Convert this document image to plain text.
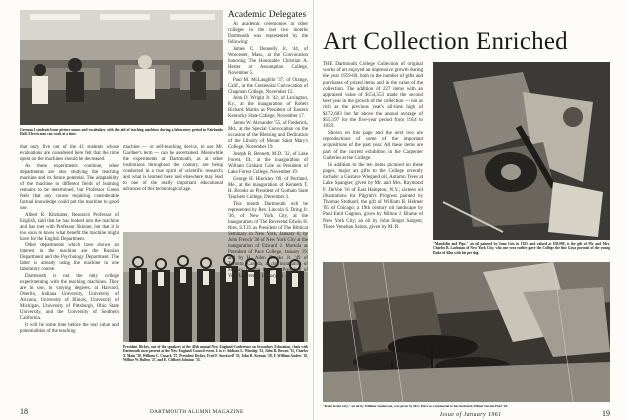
German I students learn picture nouns and vocabulary with the aid of teaching machines during a laboratory period in Fairbanks Hall. Eleven men can work at a time.

that only five out of the 41 students whose evaluations are considered here felt that the time spent on the machines should be decreased.

As these experiments continue, other departments are also studying the teaching machine and its future potential. The adaptability of the machine to different fields of learning remains to be determined, but Professor Green feels that any course requiring considerable factual knowledge could put the machine to good use.

Albert R. Kitzhaber, Research Professor of English, said that he has looked into the machine and has met with Professor Skinner, but that it is too soon to know what benefit the machine might have for the English Department.

Other departments which have shown an interest in the machine are the Russian Department and the Psychology Department. The latter is already using the machine in one laboratory course.

Dartmouth is not the only college experimenting with the teaching machines. They are in use, in varying degrees, at Harvard, Oberlin, Indiana University, University of Arizona, University of Illinois, University of Michigan, University of Pittsburgh, Ohio State University, and the University of Southern California.

It will be some time before the real value and potentialities of the teaching

machine — or self-teaching device, to use Mr. Gardner's term — can be ascertained. Meanwhile the experiments at Dartmouth, as at other institutions throughout the country, are being conducted in a true spirit of scientific research; and what is learned here and elsewhere may lead to one of the really important educational advances of this technological age.

President Dickey, one of the speakers at the 40th annual New England Conference on Secondary Education, chats with Dartmouth men present at the New England Council event. L to r: Addison L. Winship '32, John R. Bowen '35, Charles T. Main '38, William C. Cusack '27, President Dickey, Fred F. Stockwell '33, John R. Keenan '28, F. William Andres '19, Wilbur W. Bullen '27, and E. Clifford Johnson '35.
Academic Delegates

At academic ceremonies at other colleges in the last two months Dartmouth was represented by the following:

James C. Donnelly Jr. '44, of Worcester, Mass., at the Convocation honoring The Honorable Christian A. Herter at Assumption College, November 5.

Paul M. McLaughlin '37, of Orange, Calif., at the Centennial Convocation of Chapman College, November 15.

John D. Wright Jr. '42, of Lexington, Ky., at the inauguration of Robert Richard Martin as President of Eastern Kentucky State College, November 17.

James W. Alexander '55, of Frederick, Md., at the Special Convocation on the occasion of the Blessing and Dedication of the Library of Mount Saint Mary's College, November 19.

Joseph R. Bennett, M.D. '32, of Lake Forest, Ill., at the inauguration of William Graham Cole as President of Lake Forest College, November 19.

George H. Hinckley '09, of Portland, Me., at the inauguration of Kenneth T. H. Brooks as President of Gorham State Teachers College, December 3.

This month Dartmouth will be represented by Rev. Lincoln S. Dring Jr. '36, of New York City, at the inauguration of The Reverend Edwin H. Ries, S.T.D. as President of The Biblical Seminary in New York, January 8; by John French '36 of New York City at the inauguration of Edward J. Mortola as President of Pace College, January 19; and by H. Allen Brooks Jr. '49 of Toronto, Canada, at the installation of Murray George Ross as President of York University, January 24.

18	DARTMOUTH ALUMNI MAGAZINE
Art Collection Enriched

THE Dartmouth College Collection of original works of art enjoyed an impressive growth during the year 1959-60, both in the number of gifts and purchases of prized items and in the value of the collection. The addition of 227 items with an appraised value of $154,553 made the second best year in the growth of the collection — not as rich as the previous year's all-time high of $172,683 but far above the annual average of $55,197 for the five-year period from 1954 to 1959.

Shown on this page and the next two are reproductions of some of the important acquisitions of the past year. All these items are part of the current exhibition in the Carpenter Galleries at the College.

In addition to the ten items pictured on these pages, major art gifts to the College recently include: a Gustave Wiegand oil, Autumn Trees at Lake Spangler, given by Mr. and Mrs. Raymond F. DeVoe '16 of East Hampton, N.Y.; sixteen oil illustrations for Pilgrim's Progress painted by Thomas Stothard, the gift of William B. Helmer '05 of Chicago; a 19th century oil landscape by Paul Emil Gagnon, given by Milton J. Blume of New York City; an oil by John Singer Sargent, Three Venetian Saints, given by M. R.

"Mandolin and Pipe," an oil painted by Juan Gris in 1925 and valued at $30,000, is the gift of Mr. and Mrs. Charles B. Lachman of New York City, who one year earlier gave the College the fine Goya portrait of the young Duke of Alba with his pet dog.
"Rain in the City," an oil by William Sanderson, was given by Mrs. Hart as a memorial to her husband, Milton Novem Hart '03.
Issue of January 1961	19
